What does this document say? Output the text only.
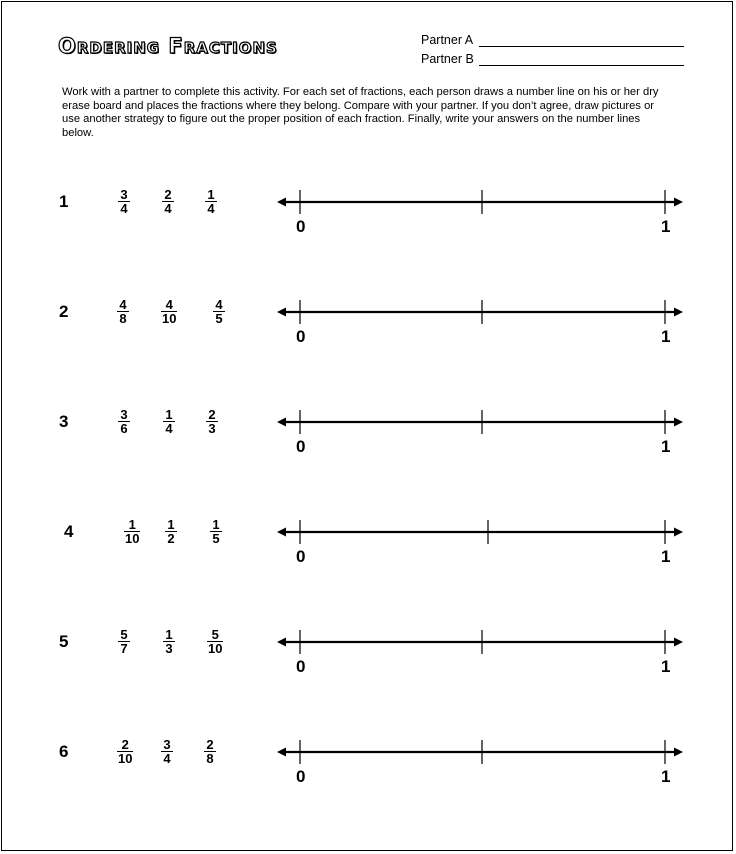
Ordering Fractions	Partner A
Partner B
Work with a partner to complete this activity. For each set of fractions, each person draws a number line on his or her dry erase board and places the fractions where they belong. Compare with your partner. If you don’t agree, draw pictures or use another strategy to figure out the proper position of each fraction. Finally, write your answers on the number lines below.
1	3
4
2
4
1
4
0	1
2	4
8
4
10
4
5
0	1
3	3
6
1
4
2
3
0	1
4	1
10
1
2
1
5
0	1
5	5
7
1
3
5
10
0	1
6	2
10
3
4
2
8
0	1
